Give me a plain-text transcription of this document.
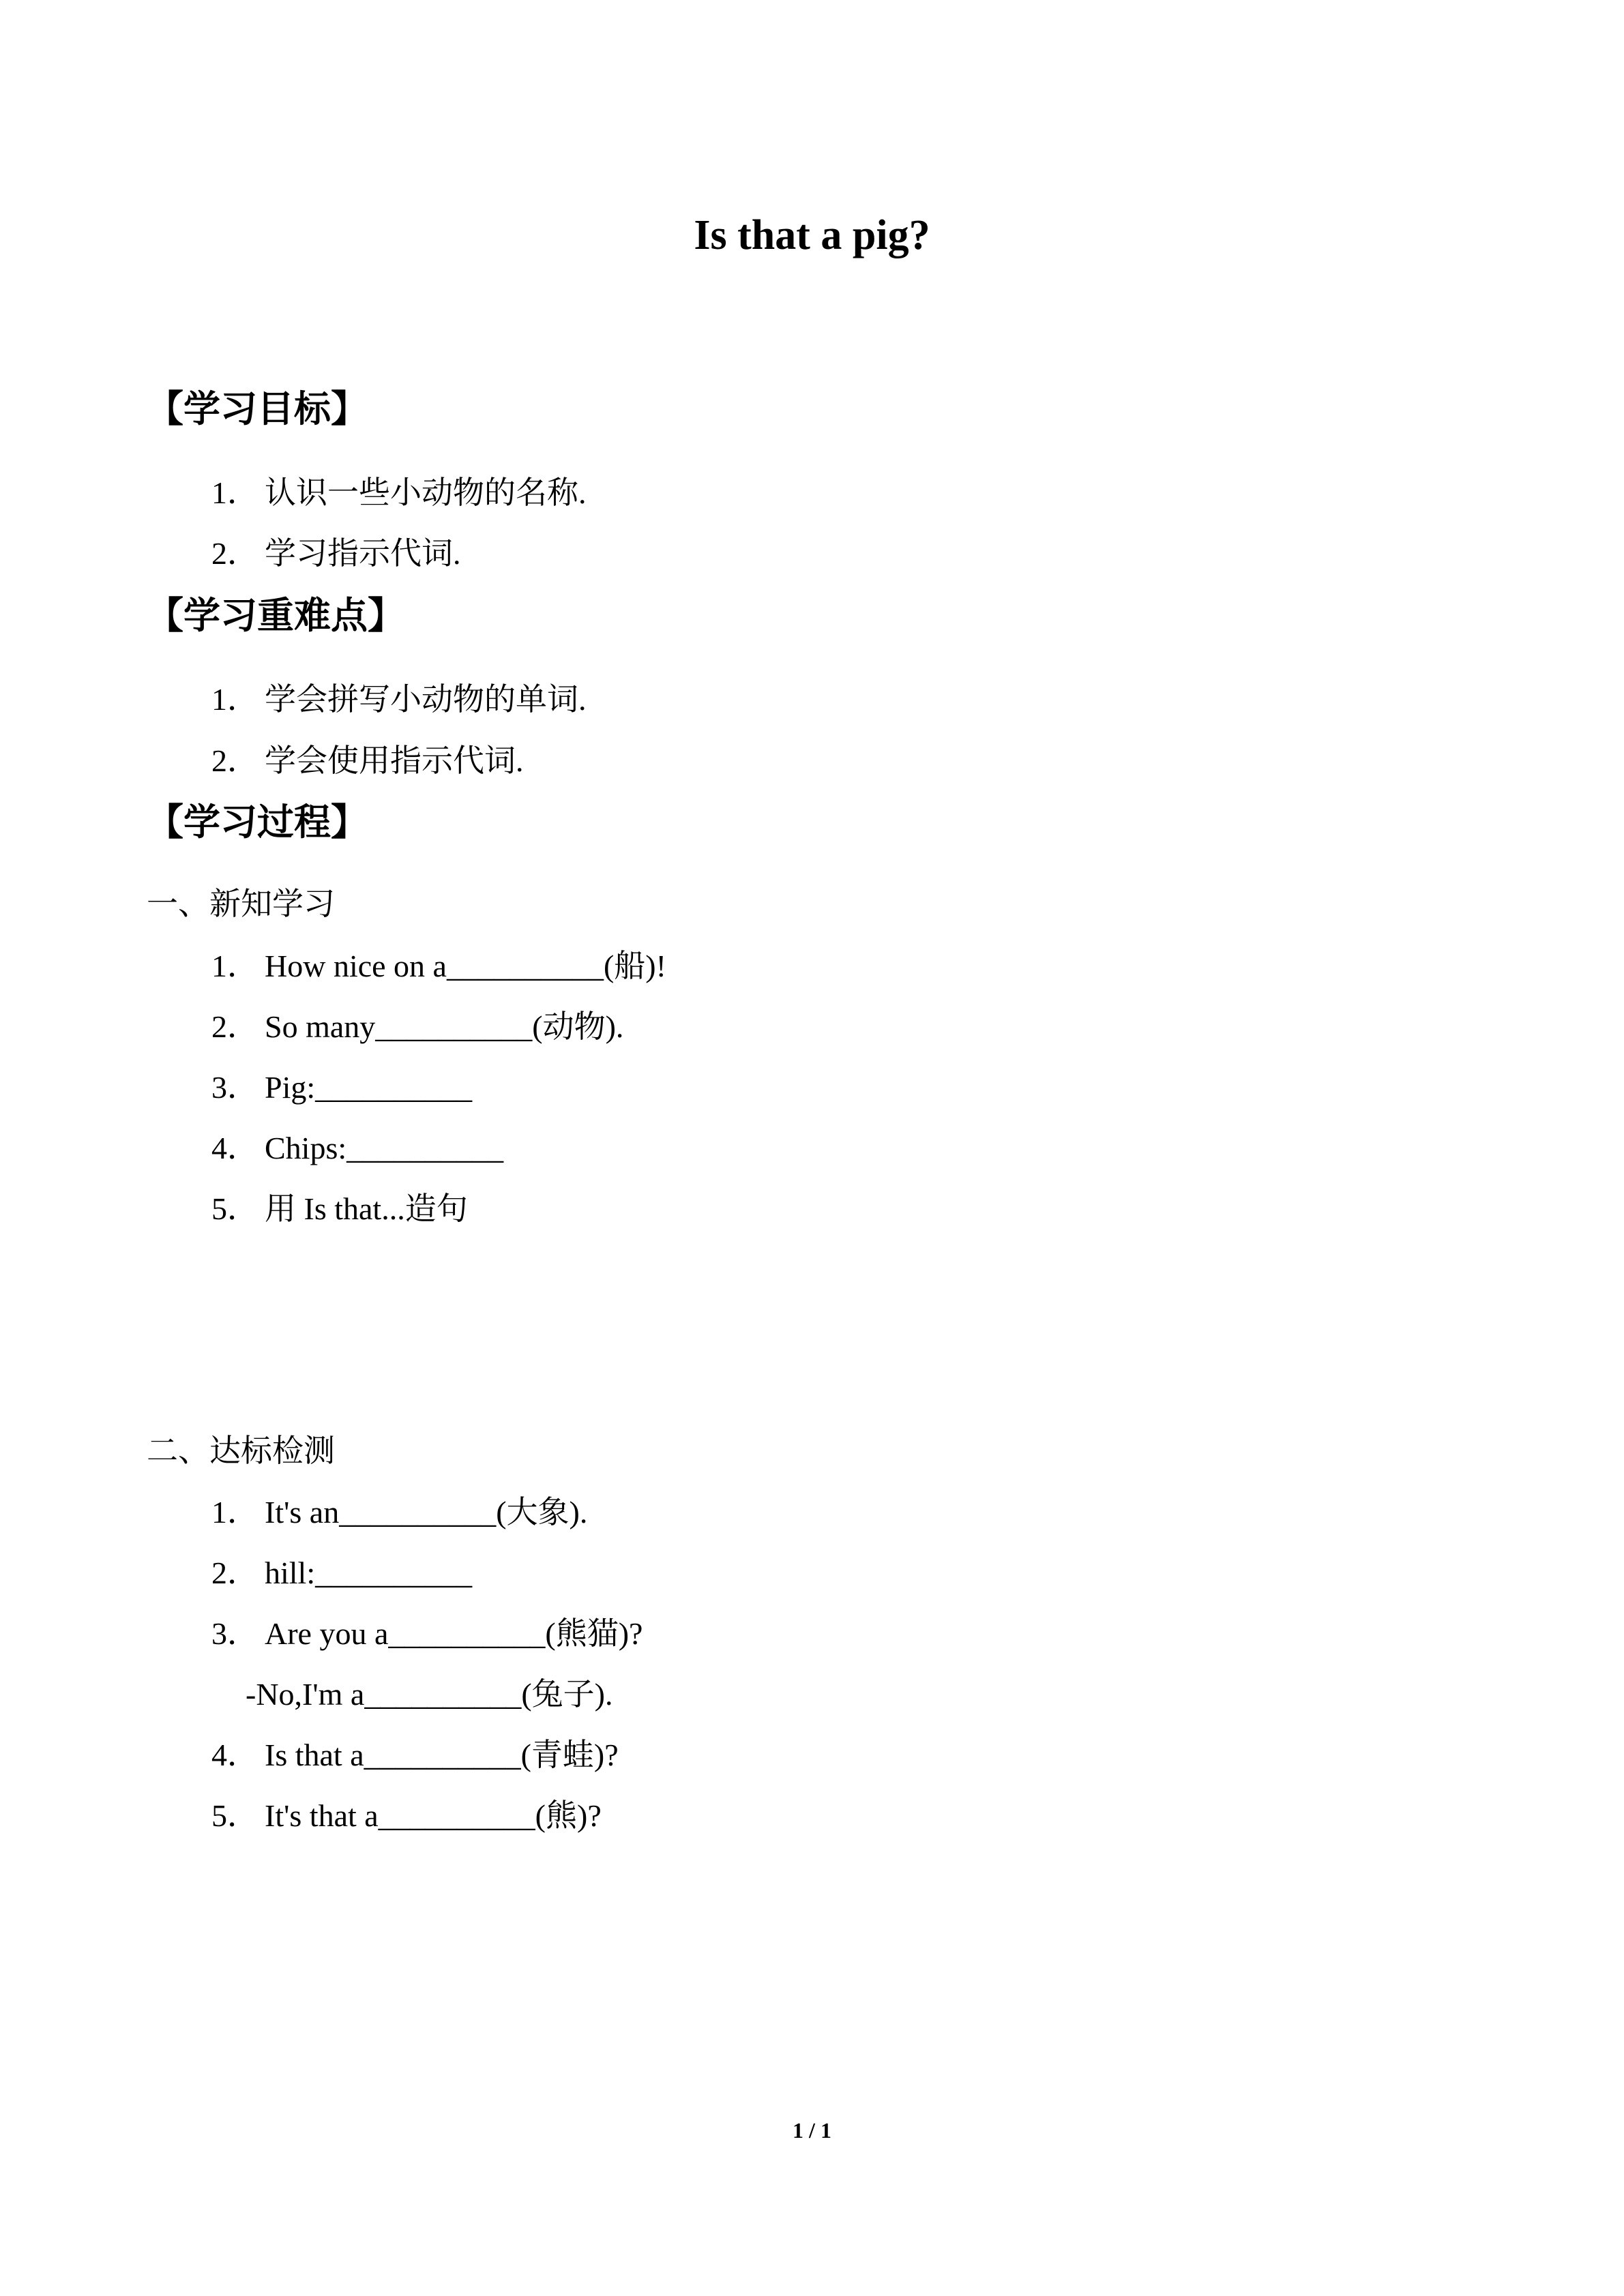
Is that a pig?
【学习目标】
1． 认识一些小动物的名称.
2． 学习指示代词.
【学习重难点】
1． 学会拼写小动物的单词.
2． 学会使用指示代词.
【学习过程】
一、新知学习
1． How nice on a__________(船)!
2． So many__________(动物).
3． Pig:__________
4． Chips:__________
5． 用 Is that...造句
二、达标检测
1． It's an__________(大象).
2． hill:__________
3． Are you a__________(熊猫)?
-No,I'm a__________(兔子).
4． Is that a__________(青蛙)?
5． It's that a__________(熊)?
1 / 1
